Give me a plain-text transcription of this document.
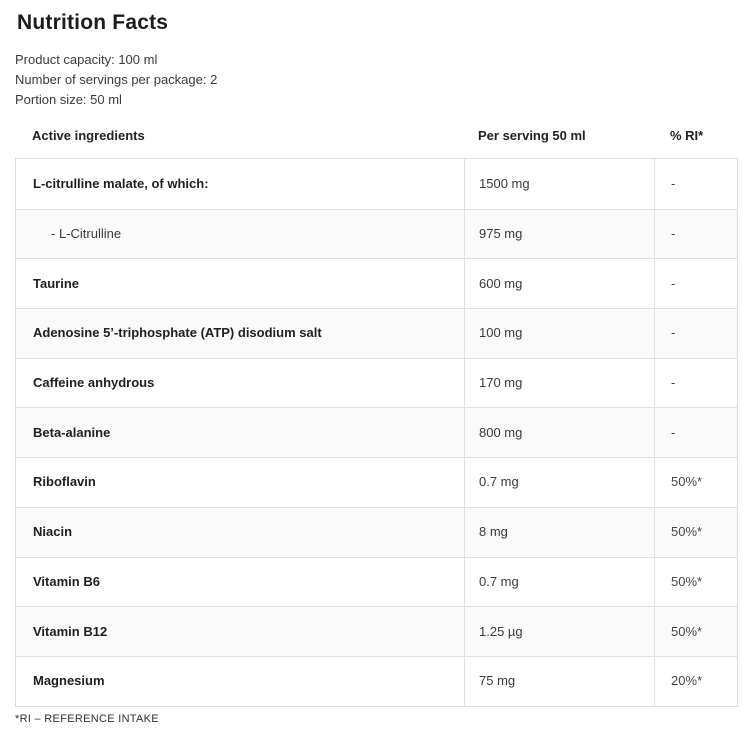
Nutrition Facts
Product capacity: 100 ml
Number of servings per package: 2
Portion size: 50 ml
Active ingredients	Per serving 50 ml	% RI*
L-citrulline malate, of which:	1500 mg	-
- L-Citrulline	975 mg	-
Taurine	600 mg	-
Adenosine 5’-triphosphate (ATP) disodium salt	100 mg	-
Caffeine anhydrous	170 mg	-
Beta-alanine	800 mg	-
Riboflavin	0.7 mg	50%*
Niacin	8 mg	50%*
Vitamin B6	0.7 mg	50%*
Vitamin B12	1.25 µg	50%*
Magnesium	75 mg	20%*
*RI – REFERENCE INTAKE
